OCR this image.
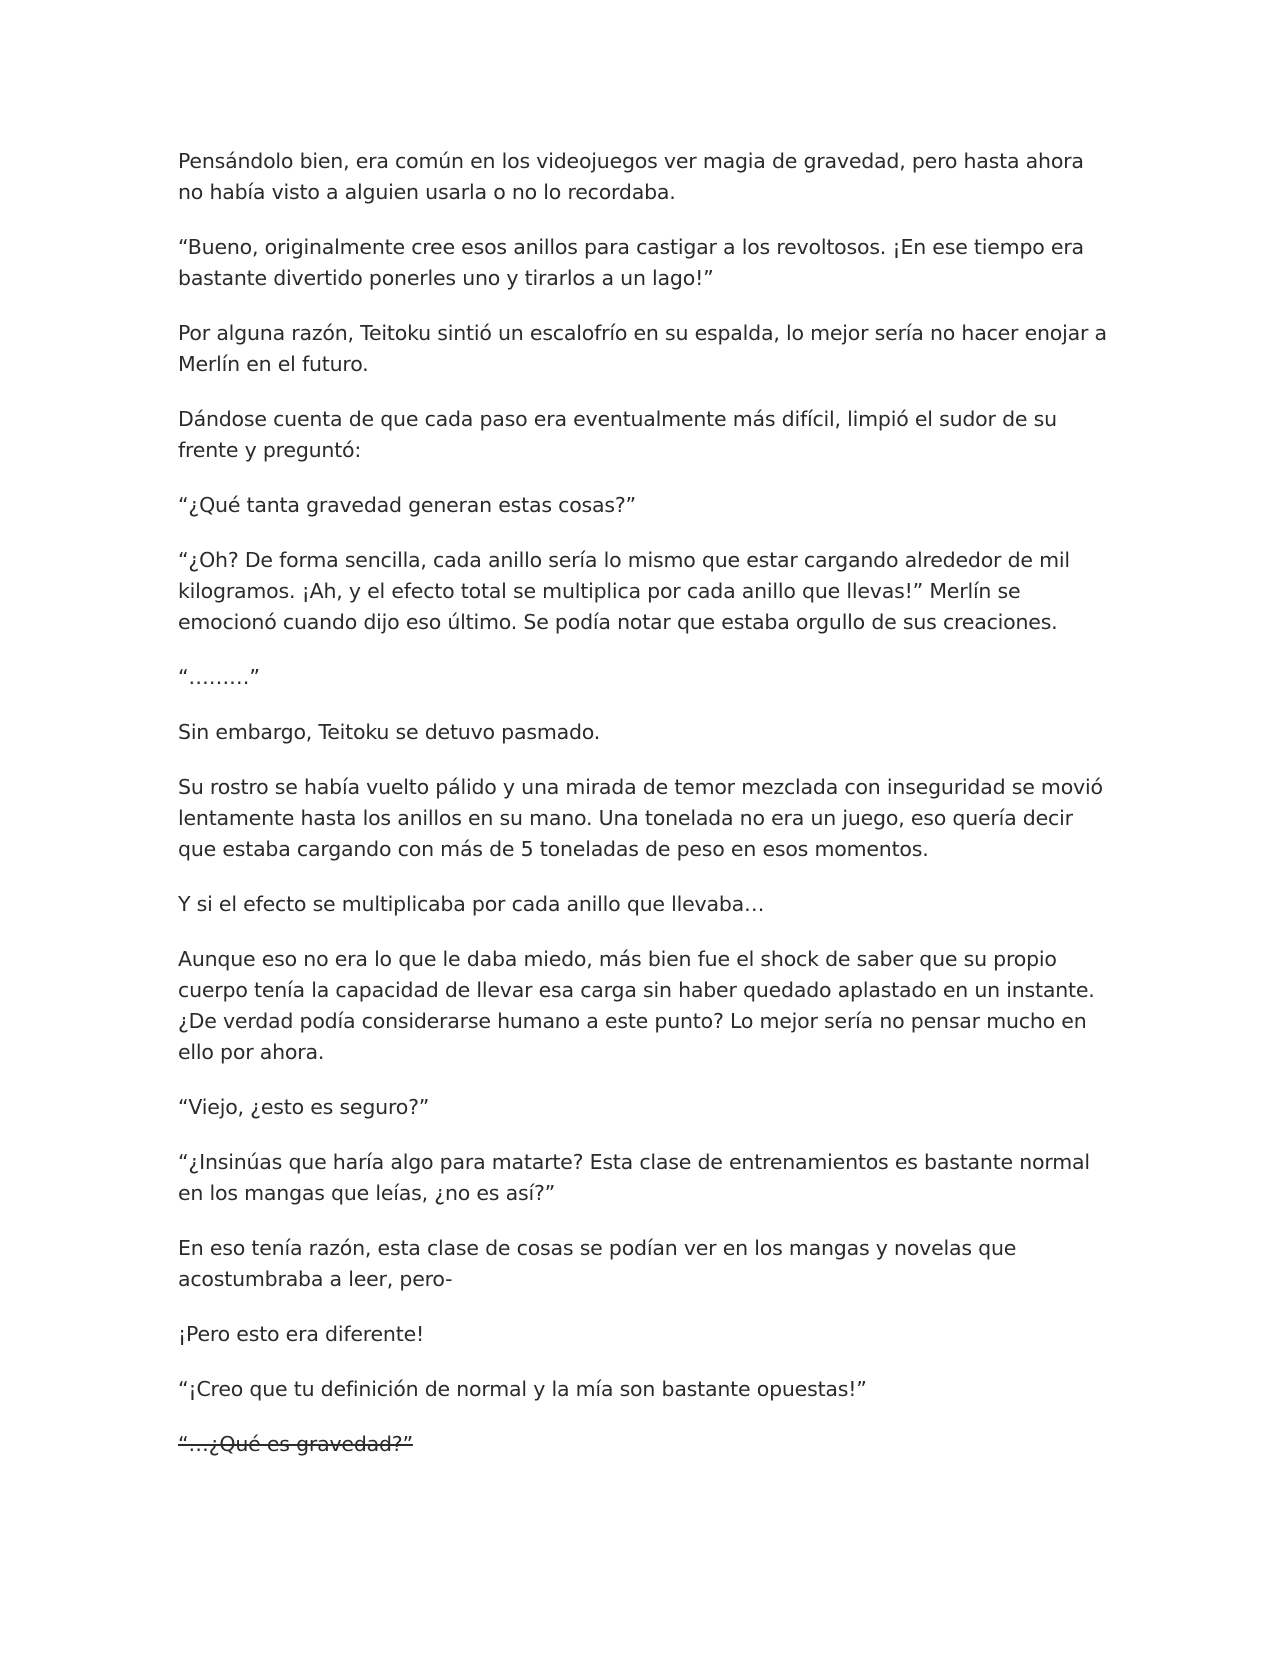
Pensándolo bien, era común en los videojuegos ver magia de gravedad, pero hasta ahora no había visto a alguien usarla o no lo recordaba.

“Bueno, originalmente cree esos anillos para castigar a los revoltosos. ¡En ese tiempo era bastante divertido ponerles uno y tirarlos a un lago!”

Por alguna razón, Teitoku sintió un escalofrío en su espalda, lo mejor sería no hacer enojar a Merlín en el futuro.

Dándose cuenta de que cada paso era eventualmente más difícil, limpió el sudor de su frente y preguntó:

“¿Qué tanta gravedad generan estas cosas?”

“¿Oh? De forma sencilla, cada anillo sería lo mismo que estar cargando alrededor de mil kilogramos. ¡Ah, y el efecto total se multiplica por cada anillo que llevas!” Merlín se emocionó cuando dijo eso último. Se podía notar que estaba orgullo de sus creaciones.

“………”

Sin embargo, Teitoku se detuvo pasmado.

Su rostro se había vuelto pálido y una mirada de temor mezclada con inseguridad se movió lentamente hasta los anillos en su mano. Una tonelada no era un juego, eso quería decir que estaba cargando con más de 5 toneladas de peso en esos momentos.

Y si el efecto se multiplicaba por cada anillo que llevaba…

Aunque eso no era lo que le daba miedo, más bien fue el shock de saber que su propio cuerpo tenía la capacidad de llevar esa carga sin haber quedado aplastado en un instante. ¿De verdad podía considerarse humano a este punto? Lo mejor sería no pensar mucho en ello por ahora.

“Viejo, ¿esto es seguro?”

“¿Insinúas que haría algo para matarte? Esta clase de entrenamientos es bastante normal en los mangas que leías, ¿no es así?”

En eso tenía razón, esta clase de cosas se podían ver en los mangas y novelas que acostumbraba a leer, pero-

¡Pero esto era diferente!

“¡Creo que tu definición de normal y la mía son bastante opuestas!”

“…¿Qué es gravedad?”
